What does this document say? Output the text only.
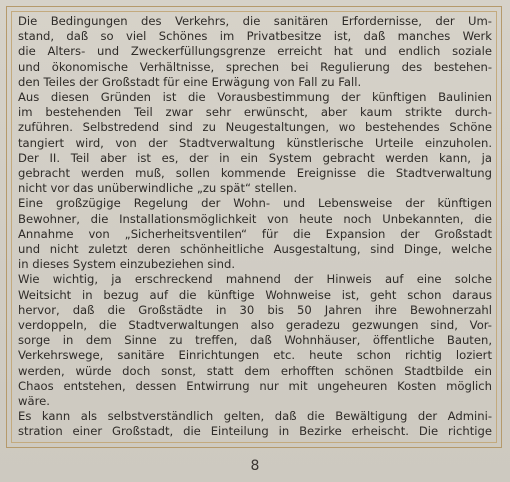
Die Bedingungen des Verkehrs, die sanitären Erfordernisse, der Um-
stand, daß so viel Schönes im Privatbesitze ist, daß manches Werk
die Alters- und Zweckerfüllungsgrenze erreicht hat und endlich soziale
und ökonomische Verhältnisse, sprechen bei Regulierung des bestehen-
den Teiles der Großstadt für eine Erwägung von Fall zu Fall.
Aus diesen Gründen ist die Vorausbestimmung der künftigen Baulinien
im bestehenden Teil zwar sehr erwünscht, aber kaum strikte durch-
zuführen. Selbstredend sind zu Neugestaltungen, wo bestehendes Schöne
tangiert wird, von der Stadtverwaltung künstlerische Urteile einzuholen.
Der II. Teil aber ist es, der in ein System gebracht werden kann, ja
gebracht werden muß, sollen kommende Ereignisse die Stadtverwaltung
nicht vor das unüberwindliche „zu spät“ stellen.
Eine großzügige Regelung der Wohn- und Lebensweise der künftigen
Bewohner, die Installationsmöglichkeit von heute noch Unbekannten, die
Annahme von „Sicherheitsventilen“ für die Expansion der Großstadt
und nicht zuletzt deren schönheitliche Ausgestaltung, sind Dinge, welche
in dieses System einzubeziehen sind.
Wie wichtig, ja erschreckend mahnend der Hinweis auf eine solche
Weitsicht in bezug auf die künftige Wohnweise ist, geht schon daraus
hervor, daß die Großstädte in 30 bis 50 Jahren ihre Bewohnerzahl
verdoppeln, die Stadtverwaltungen also geradezu gezwungen sind, Vor-
sorge in dem Sinne zu treffen, daß Wohnhäuser, öffentliche Bauten,
Verkehrswege, sanitäre Einrichtungen etc. heute schon richtig loziert
werden, würde doch sonst, statt dem erhofften schönen Stadtbilde ein
Chaos entstehen, dessen Entwirrung nur mit ungeheuren Kosten möglich
wäre.
Es kann als selbstverständlich gelten, daß die Bewältigung der Admini-
stration einer Großstadt, die Einteilung in Bezirke erheischt. Die richtige
8
